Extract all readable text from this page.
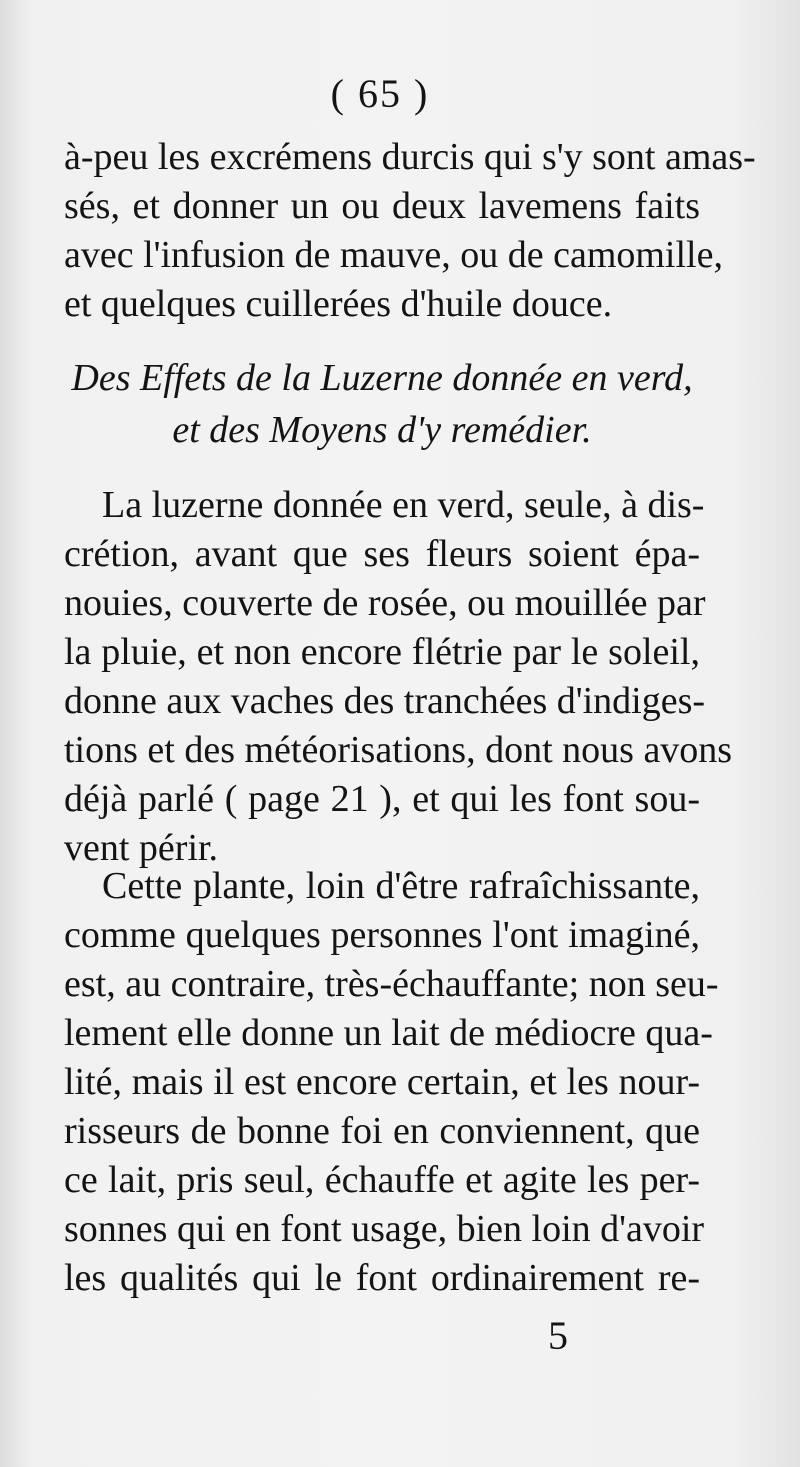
( 65 )
à-peu les excrémens durcis qui s'y sont amas-
sés, et donner un ou deux lavemens faits
avec l'infusion de mauve, ou de camomille,
et quelques cuillerées d'huile douce.
Des Effets de la Luzerne donnée en verd,
et des Moyens d'y remédier.
La luzerne donnée en verd, seule, à dis-
crétion, avant que ses fleurs soient épa-
nouies, couverte de rosée, ou mouillée par
la pluie, et non encore flétrie par le soleil,
donne aux vaches des tranchées d'indiges-
tions et des météorisations, dont nous avons
déjà parlé ( page 21 ), et qui les font sou-
vent périr.
Cette plante, loin d'être rafraîchissante,
comme quelques personnes l'ont imaginé,
est, au contraire, très-échauffante; non seu-
lement elle donne un lait de médiocre qua-
lité, mais il est encore certain, et les nour-
risseurs de bonne foi en conviennent, que
ce lait, pris seul, échauffe et agite les per-
sonnes qui en font usage, bien loin d'avoir
les qualités qui le font ordinairement re-
5
